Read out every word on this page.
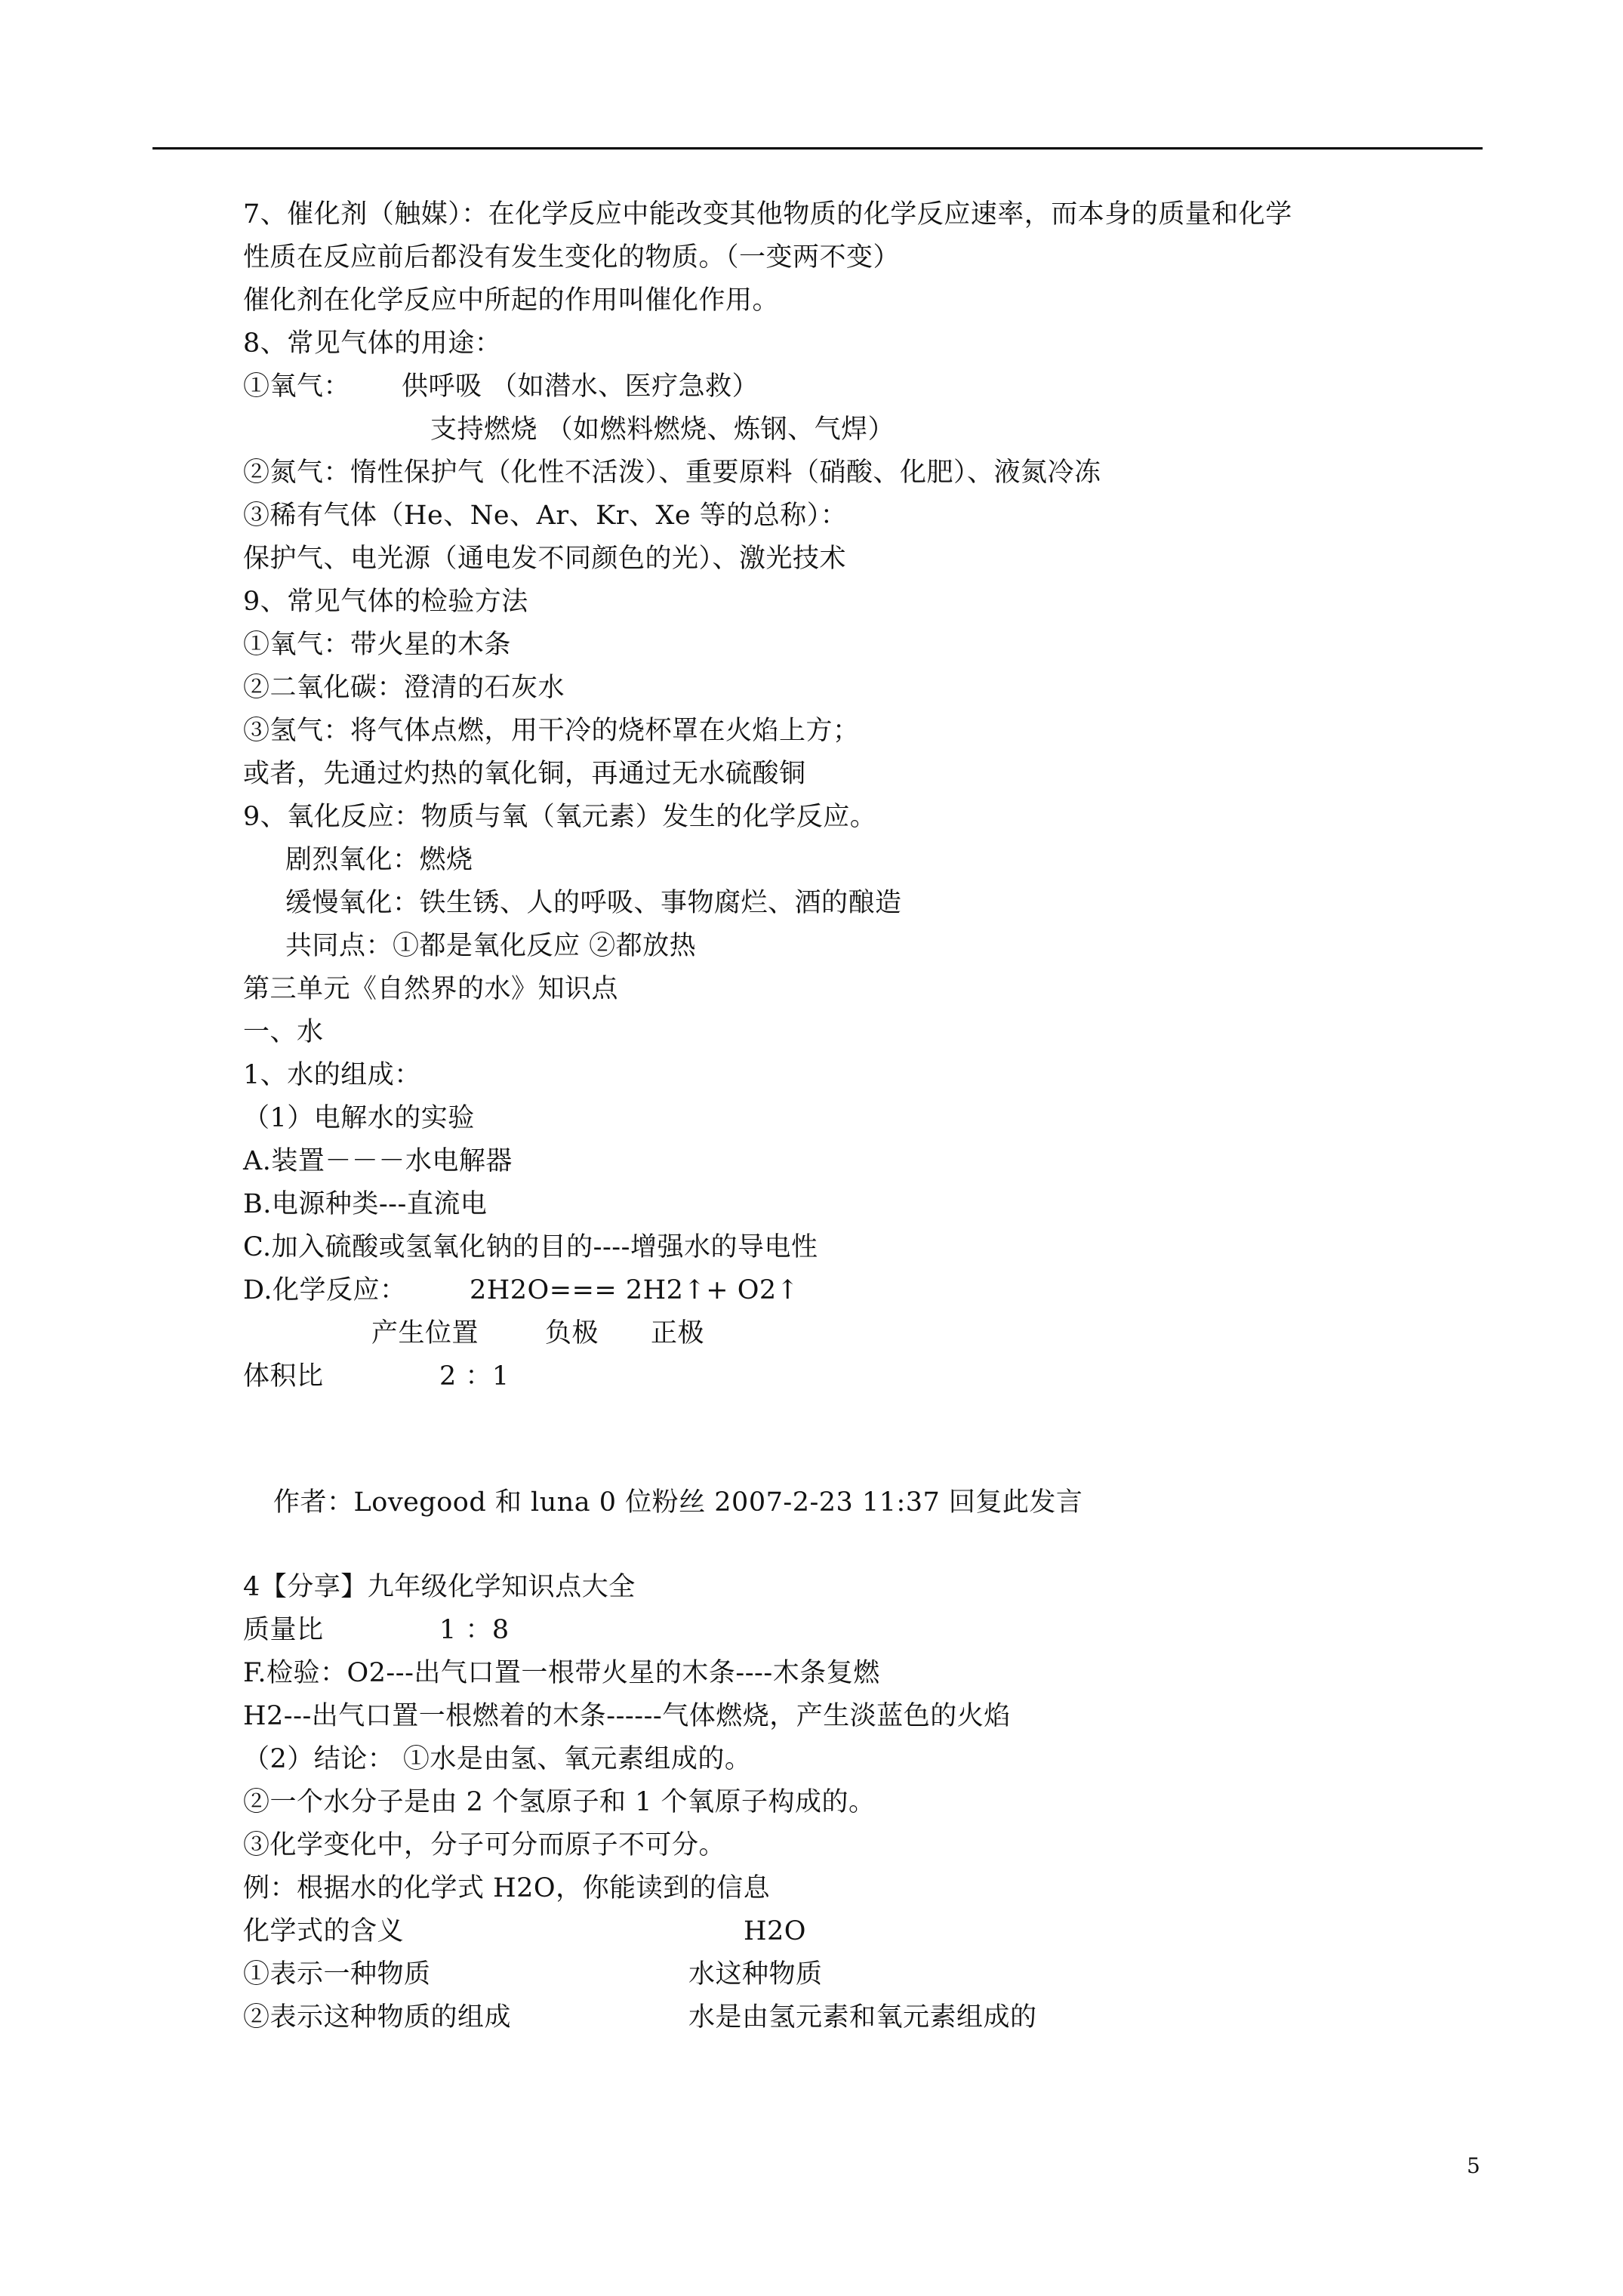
7、催化剂（触媒）：在化学反应中能改变其他物质的化学反应速率，而本身的质量和化学
性质在反应前后都没有发生变化的物质。（一变两不变）
催化剂在化学反应中所起的作用叫催化作用。
8、常见气体的用途：
①氧气： 供呼吸 （如潜水、医疗急救）
支持燃烧 （如燃料燃烧、炼钢、气焊）
②氮气：惰性保护气（化性不活泼）、重要原料（硝酸、化肥）、液氮冷冻
③稀有气体（He、Ne、Ar、Kr、Xe 等的总称）：
保护气、电光源（通电发不同颜色的光）、激光技术
9、常见气体的检验方法
①氧气：带火星的木条
②二氧化碳：澄清的石灰水
③氢气：将气体点燃，用干冷的烧杯罩在火焰上方；
或者，先通过灼热的氧化铜，再通过无水硫酸铜
9、氧化反应：物质与氧（氧元素）发生的化学反应。
剧烈氧化：燃烧
缓慢氧化：铁生锈、人的呼吸、事物腐烂、酒的酿造
共同点：①都是氧化反应 ②都放热
第三单元《自然界的水》知识点
一、水
1、水的组成：
（1）电解水的实验
A.装置－－－水电解器
B.电源种类---直流电
C.加入硫酸或氢氧化钠的目的----增强水的导电性
D.化学反应： 2H2O=== 2H2↑+ O2↑
产生位置	负极 正极
体积比	2 ：1
作者：Lovegood 和 luna 0 位粉丝 2007-2-23 11:37 回复此发言
4【分享】九年级化学知识点大全
质量比	1 ：8
F.检验：O2---出气口置一根带火星的木条----木条复燃
H2---出气口置一根燃着的木条------气体燃烧，产生淡蓝色的火焰
（2）结论： ①水是由氢、氧元素组成的。
②一个水分子是由 2 个氢原子和 1 个氧原子构成的。
③化学变化中，分子可分而原子不可分。
例：根据水的化学式 H2O，你能读到的信息
化学式的含义	H2O
①表示一种物质	水这种物质
②表示这种物质的组成	水是由氢元素和氧元素组成的
5
